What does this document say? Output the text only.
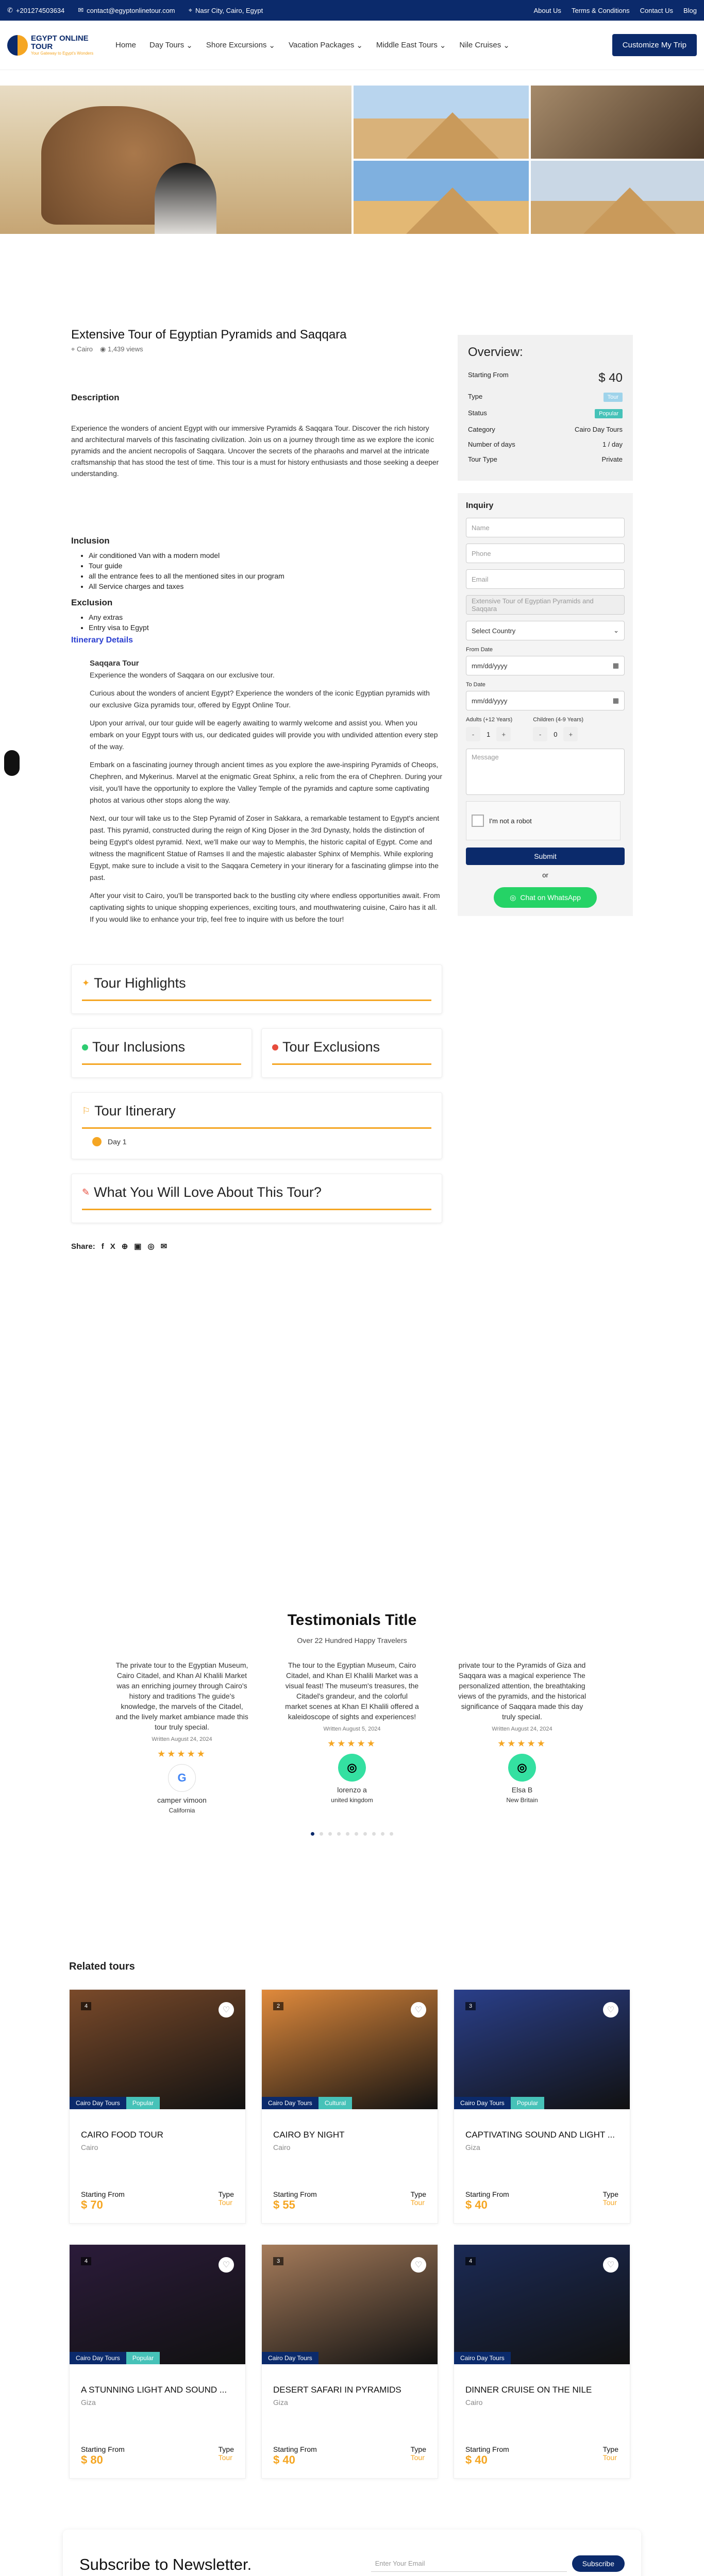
✆ +201274503634 ✉ contact@egyptonlinetour.com ⌖ Nasr City, Cairo, Egypt	About Us Terms & Conditions Contact Us Blog
EGYPT ONLINE
TOUR
Your Gateway to Egypt's Wonders
Home Day Tours ⌄ Shore Excursions ⌄ Vacation Packages ⌄ Middle East Tours ⌄ Nile Cruises ⌄	Customize My Trip
Extensive Tour of Egyptian Pyramids and Saqqara
⌖ Cairo ◉ 1,439 views
Description

Experience the wonders of ancient Egypt with our immersive Pyramids & Saqqara Tour. Discover the rich history and architectural marvels of this fascinating civilization. Join us on a journey through time as we explore the iconic pyramids and the ancient necropolis of Saqqara. Uncover the secrets of the pharaohs and marvel at the intricate craftsmanship that has stood the test of time. This tour is a must for history enthusiasts and those seeking a deeper understanding.

Inclusion
• Air conditioned Van with a modern model
• Tour guide
• all the entrance fees to all the mentioned sites in our program
• All Service charges and taxes
Exclusion
• Any extras
• Entry visa to Egypt
Itinerary Details
Saqqara Tour

Experience the wonders of Saqqara on our exclusive tour.

Curious about the wonders of ancient Egypt? Experience the wonders of the iconic Egyptian pyramids with our exclusive Giza pyramids tour, offered by Egypt Online Tour.

Upon your arrival, our tour guide will be eagerly awaiting to warmly welcome and assist you. When you embark on your Egypt tours with us, our dedicated guides will provide you with undivided attention every step of the way.

Embark on a fascinating journey through ancient times as you explore the awe-inspiring Pyramids of Cheops, Chephren, and Mykerinus. Marvel at the enigmatic Great Sphinx, a relic from the era of Chephren. During your visit, you'll have the opportunity to explore the Valley Temple of the pyramids and capture some captivating photos at various other stops along the way.

Next, our tour will take us to the Step Pyramid of Zoser in Sakkara, a remarkable testament to Egypt's ancient past. This pyramid, constructed during the reign of King Djoser in the 3rd Dynasty, holds the distinction of being Egypt's oldest pyramid. Next, we'll make our way to Memphis, the historic capital of Egypt. Come and witness the magnificent Statue of Ramses II and the majestic alabaster Sphinx of Memphis. While exploring Egypt, make sure to include a visit to the Saqqara Cemetery in your itinerary for a fascinating glimpse into the past.

After your visit to Cairo, you'll be transported back to the bustling city where endless opportunities await. From captivating sights to unique shopping experiences, exciting tours, and mouthwatering cuisine, Cairo has it all. If you would like to enhance your trip, feel free to inquire with us before the tour!

✦ Tour Highlights
Tour Inclusions	Tour Exclusions
⚐ Tour Itinerary
Day 1
✎ What You Will Love About This Tour?
Share: f X ⊕ ▣ ◎ ✉
Overview:
Starting From	$ 40
Type	Tour
Status	Popular
Category	Cairo Day Tours
Number of days	1 / day
Tour Type	Private
Inquiry
Name
Phone
Email
Extensive Tour of Egyptian Pyramids and Saqqara
Select Country	⌄
From Date
mm/dd/yyyy	▦
To Date
mm/dd/yyyy	▦
Adults (+12 Years)
-	1	+
Children (4-9 Years)
-	0	+
Message
I'm not a robot
Submit
or
◎ Chat on WhatsApp
Testimonials Title
Over 22 Hundred Happy Travelers
The private tour to the Egyptian Museum, Cairo Citadel, and Khan Al Khalili Market was an enriching journey through Cairo's history and traditions The guide's knowledge, the marvels of the Citadel, and the lively market ambiance made this tour truly special.
Written August 24, 2024
★★★★★
G
camper vimoon
California
The tour to the Egyptian Museum, Cairo Citadel, and Khan El Khalili Market was a visual feast! The museum's treasures, the Citadel's grandeur, and the colorful market scenes at Khan El Khalili offered a kaleidoscope of sights and experiences!
Written August 5, 2024
★★★★★
◎
lorenzo a
united kingdom
private tour to the Pyramids of Giza and Saqqara was a magical experience The personalized attention, the breathtaking views of the pyramids, and the historical significance of Saqqara made this day truly special.
Written August 24, 2024
★★★★★
◎
Elsa B
New Britain
Related tours
4	♡
Cairo Day Tours	Popular
CAIRO FOOD TOUR
Cairo
Starting From
$ 70
Type
Tour
2	♡
Cairo Day Tours	Cultural
CAIRO BY NIGHT
Cairo
Starting From
$ 55
Type
Tour
3	♡
Cairo Day Tours	Popular
CAPTIVATING SOUND AND LIGHT ...
Giza
Starting From
$ 40
Type
Tour
4	♡
Cairo Day Tours	Popular
A STUNNING LIGHT AND SOUND ...
Giza
Starting From
$ 80
Type
Tour
3	♡
Cairo Day Tours
DESERT SAFARI IN PYRAMIDS
Giza
Starting From
$ 40
Type
Tour
4	♡
Cairo Day Tours
DINNER CRUISE ON THE NILE
Cairo
Starting From
$ 40
Type
Tour
Subscribe to Newsletter.	Enter Your Email	Subscribe
